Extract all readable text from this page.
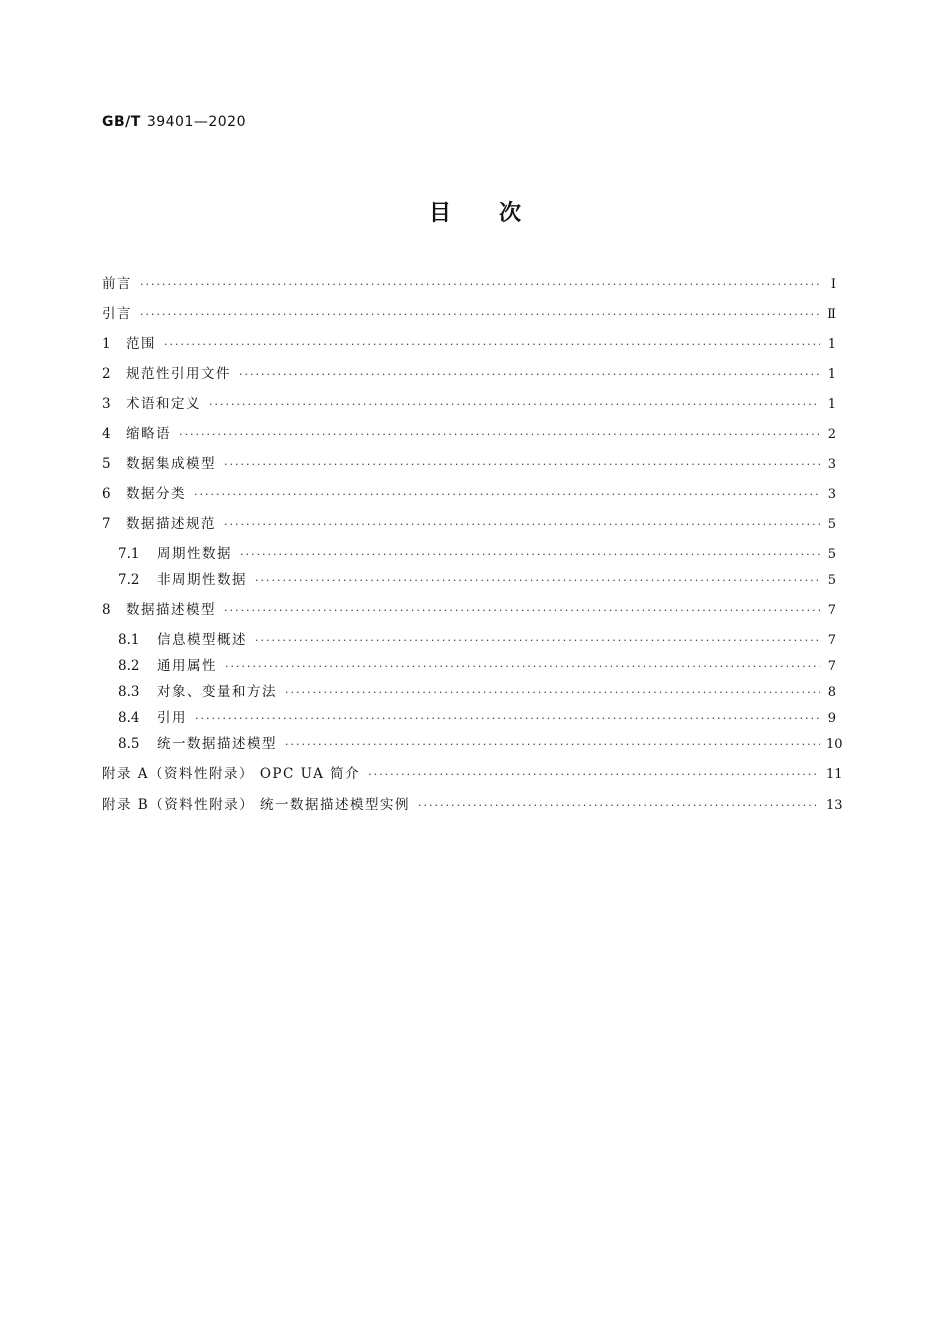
GB/T 39401—2020
目次
前言 ·····	Ⅰ
引言 ·····	Ⅱ
1	范围 ·····	1
2	规范性引用文件 ·····	1
3	术语和定义 ·····	1
4	缩略语 ·····	2
5	数据集成模型 ·····	3
6	数据分类 ·····	3
7	数据描述规范 ·····	5
7.1	周期性数据 ·····	5
7.2	非周期性数据 ·····	5
8	数据描述模型 ·····	7
8.1	信息模型概述 ·····	7
8.2	通用属性 ·····	7
8.3	对象、变量和方法 ·····	8
8.4	引用 ·····	9
8.5	统一数据描述模型 ·····	10
附录 A（资料性附录） OPC UA 简介 ·····	11
附录 B（资料性附录） 统一数据描述模型实例 ·····	13
